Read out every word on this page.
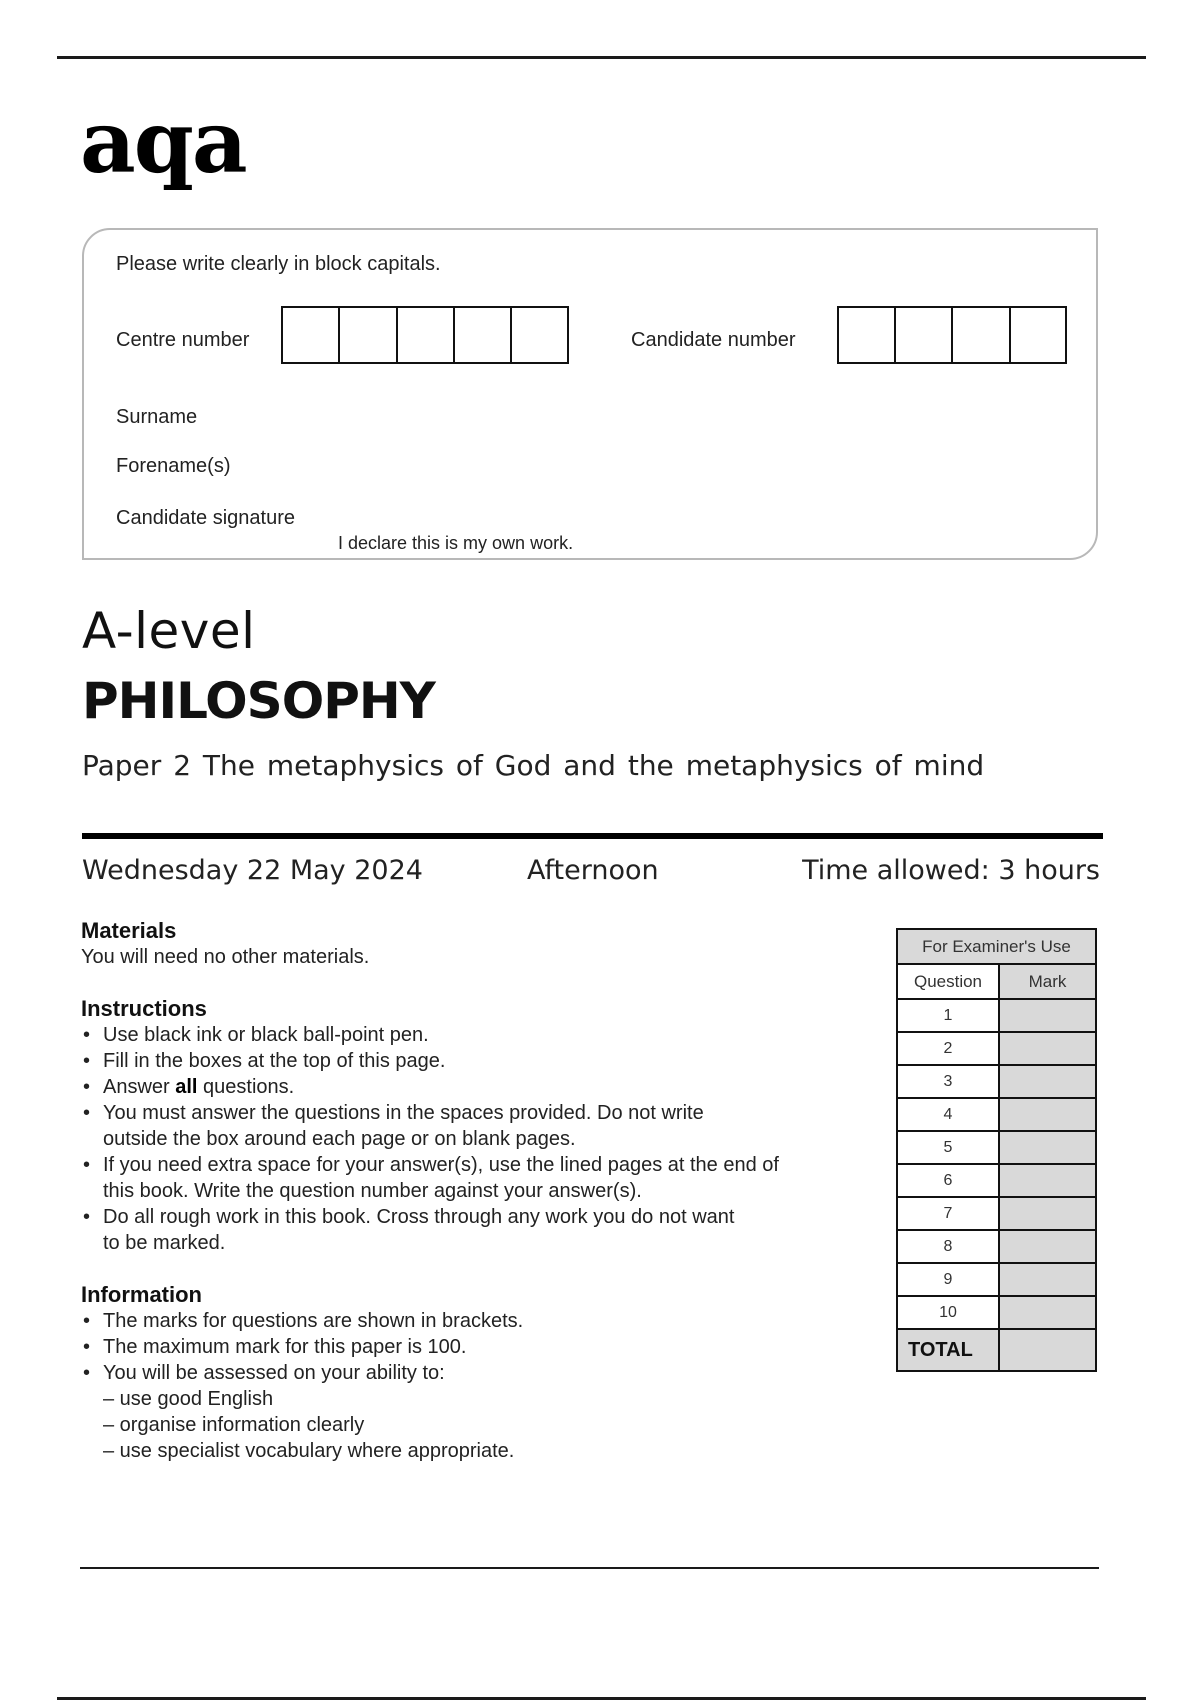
aqa
Please write clearly in block capitals.
Centre number	Candidate number
Surname
Forename(s)
Candidate signature
I declare this is my own work.
A-level
PHILOSOPHY
Paper 2 The metaphysics of God and the metaphysics of mind
Wednesday 22 May 2024	Afternoon	Time allowed: 3 hours
Materials
You will need no other materials.
Instructions
• Use black ink or black ball-point pen.
• Fill in the boxes at the top of this page.
• Answer all questions.
• You must answer the questions in the spaces provided. Do not write
outside the box around each page or on blank pages.
• If you need extra space for your answer(s), use the lined pages at the end of
this book. Write the question number against your answer(s).
• Do all rough work in this book. Cross through any work you do not want
to be marked.
Information
• The marks for questions are shown in brackets.
• The maximum mark for this paper is 100.
• You will be assessed on your ability to:
– use good English
– organise information clearly
– use specialist vocabulary where appropriate.
For Examiner's Use	
Question	Mark
1	
2	
3	
4	
5	
6	
7	
8	
9	
10	
TOTAL	
